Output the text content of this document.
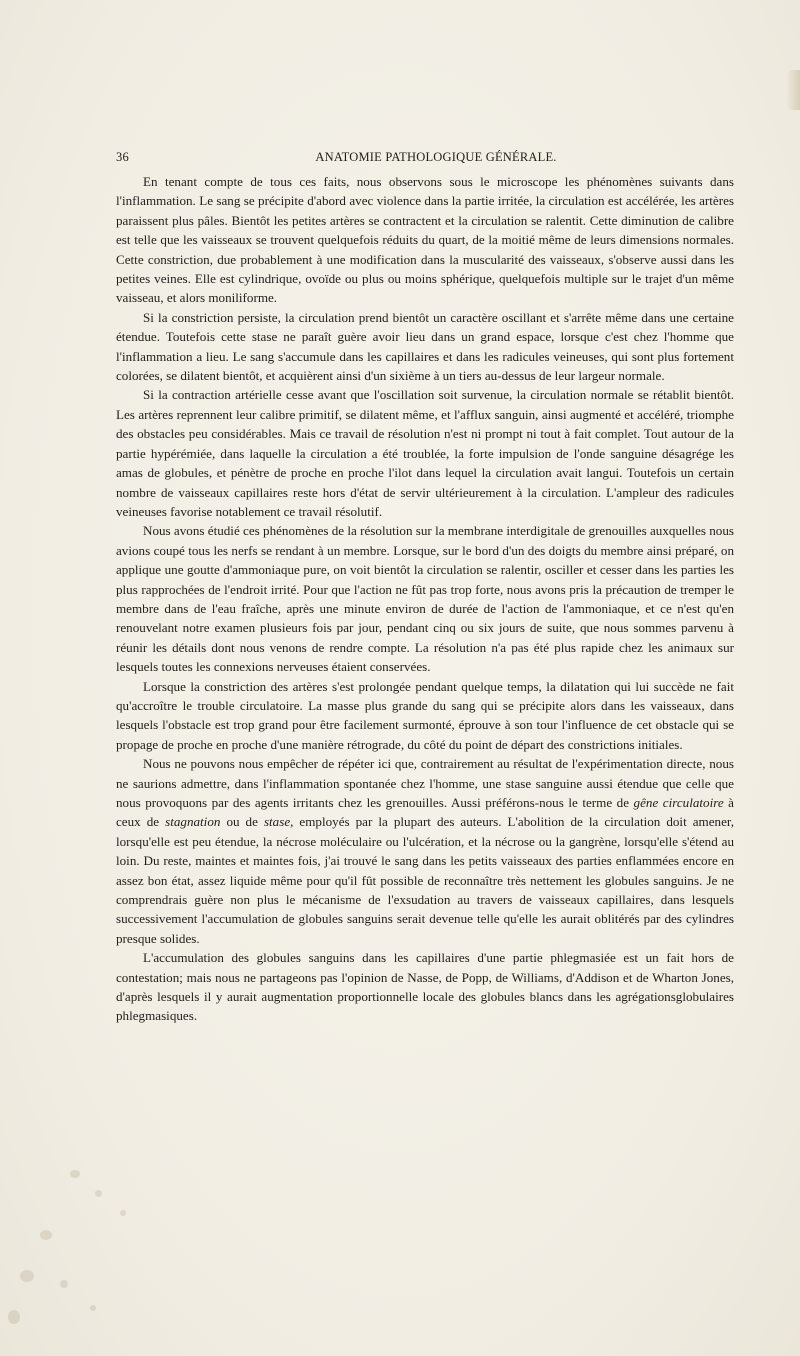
36	ANATOMIE PATHOLOGIQUE GÉNÉRALE.

En tenant compte de tous ces faits, nous observons sous le microscope les phénomènes suivants dans l'inflammation. Le sang se précipite d'abord avec violence dans la partie irritée, la circulation est accélérée, les artères paraissent plus pâles. Bientôt les petites artères se contractent et la circulation se ralentit. Cette diminution de calibre est telle que les vaisseaux se trouvent quelquefois réduits du quart, de la moitié même de leurs dimensions normales. Cette constriction, due probablement à une modification dans la muscularité des vaisseaux, s'observe aussi dans les petites veines. Elle est cylindrique, ovoïde ou plus ou moins sphérique, quelquefois multiple sur le trajet d'un même vaisseau, et alors moniliforme.

Si la constriction persiste, la circulation prend bientôt un caractère oscillant et s'arrête même dans une certaine étendue. Toutefois cette stase ne paraît guère avoir lieu dans un grand espace, lorsque c'est chez l'homme que l'inflammation a lieu. Le sang s'accumule dans les capillaires et dans les radicules veineuses, qui sont plus fortement colorées, se dilatent bientôt, et acquièrent ainsi d'un sixième à un tiers au-dessus de leur largeur normale.

Si la contraction artérielle cesse avant que l'oscillation soit survenue, la circulation normale se rétablit bientôt. Les artères reprennent leur calibre primitif, se dilatent même, et l'afflux sanguin, ainsi augmenté et accéléré, triomphe des obstacles peu considérables. Mais ce travail de résolution n'est ni prompt ni tout à fait complet. Tout autour de la partie hypérémiée, dans laquelle la circulation a été troublée, la forte impulsion de l'onde sanguine désagrége les amas de globules, et pénètre de proche en proche l'ilot dans lequel la circulation avait langui. Toutefois un certain nombre de vaisseaux capillaires reste hors d'état de servir ultérieurement à la circulation. L'ampleur des radicules veineuses favorise notablement ce travail résolutif.

Nous avons étudié ces phénomènes de la résolution sur la membrane interdigitale de grenouilles auxquelles nous avions coupé tous les nerfs se rendant à un membre. Lorsque, sur le bord d'un des doigts du membre ainsi préparé, on applique une goutte d'ammoniaque pure, on voit bientôt la circulation se ralentir, osciller et cesser dans les parties les plus rapprochées de l'endroit irrité. Pour que l'action ne fût pas trop forte, nous avons pris la précaution de tremper le membre dans de l'eau fraîche, après une minute environ de durée de l'action de l'ammoniaque, et ce n'est qu'en renouvelant notre examen plusieurs fois par jour, pendant cinq ou six jours de suite, que nous sommes parvenu à réunir les détails dont nous venons de rendre compte. La résolution n'a pas été plus rapide chez les animaux sur lesquels toutes les connexions nerveuses étaient conservées.

Lorsque la constriction des artères s'est prolongée pendant quelque temps, la dilatation qui lui succède ne fait qu'accroître le trouble circulatoire. La masse plus grande du sang qui se précipite alors dans les vaisseaux, dans lesquels l'obstacle est trop grand pour être facilement surmonté, éprouve à son tour l'influence de cet obstacle qui se propage de proche en proche d'une manière rétrograde, du côté du point de départ des constrictions initiales.

Nous ne pouvons nous empêcher de répéter ici que, contrairement au résultat de l'expérimentation directe, nous ne saurions admettre, dans l'inflammation spontanée chez l'homme, une stase sanguine aussi étendue que celle que nous provoquons par des agents irritants chez les grenouilles. Aussi préférons-nous le terme de gêne circulatoire à ceux de stagnation ou de stase, employés par la plupart des auteurs. L'abolition de la circulation doit amener, lorsqu'elle est peu étendue, la nécrose moléculaire ou l'ulcération, et la nécrose ou la gangrène, lorsqu'elle s'étend au loin. Du reste, maintes et maintes fois, j'ai trouvé le sang dans les petits vaisseaux des parties enflammées encore en assez bon état, assez liquide même pour qu'il fût possible de reconnaître très nettement les globules sanguins. Je ne comprendrais guère non plus le mécanisme de l'exsudation au travers de vaisseaux capillaires, dans lesquels successivement l'accumulation de globules sanguins serait devenue telle qu'elle les aurait oblitérés par des cylindres presque solides.

L'accumulation des globules sanguins dans les capillaires d'une partie phlegmasiée est un fait hors de contestation; mais nous ne partageons pas l'opinion de Nasse, de Popp, de Williams, d'Addison et de Wharton Jones, d'après lesquels il y aurait augmentation proportionnelle locale des globules blancs dans les agrégationsglobulaires phlegmasiques.
